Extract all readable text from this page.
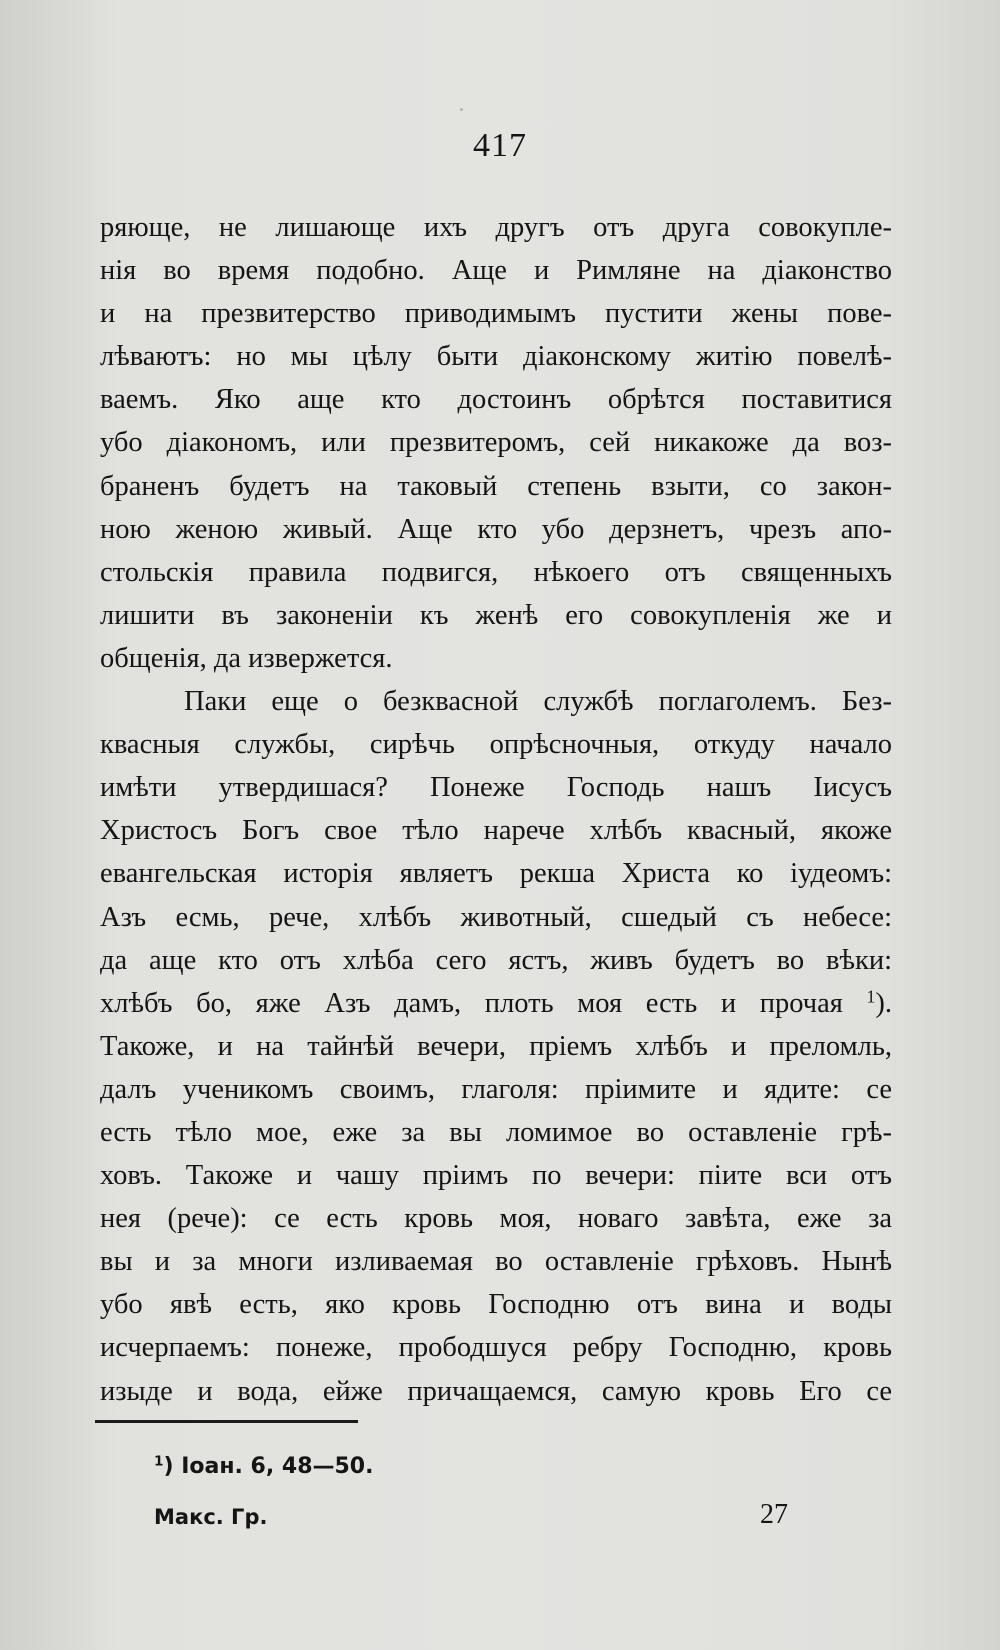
417
ряюще, не лишающе ихъ другъ отъ друга совокупле-
нія во время подобно. Аще и Римляне на діаконство
и на презвитерство приводимымъ пустити жены пове-
лѣваютъ: но мы цѣлу быти діаконскому житію повелѣ-
ваемъ. Яко аще кто достоинъ обрѣтся поставитися
убо діакономъ, или презвитеромъ, сей никакоже да воз-
браненъ будетъ на таковый степень взыти, со закон-
ною женою живый. Аще кто убо дерзнетъ, чрезъ апо-
стольскія правила подвигся, нѣкоего отъ священныхъ
лишити въ законеніи къ женѣ его совокупленія же и
общенія, да извержется.
Паки еще о безквасной службѣ поглаголемъ. Без-
квасныя службы, сирѣчь опрѣсночныя, откуду начало
имѣти утвердишася? Понеже Господь нашъ Іисусъ
Христосъ Богъ свое тѣло нарече хлѣбъ квасный, якоже
евангельская исторія являетъ рекша Христа ко іудеомъ:
Азъ есмь, рече, хлѣбъ животный, сшедый съ небесе:
да аще кто отъ хлѣба сего ястъ, живъ будетъ во вѣки:
хлѣбъ бо, яже Азъ дамъ, плоть моя есть и прочая $^1$).
Такоже, и на тайнѣй вечери, пріемъ хлѣбъ и преломль,
далъ ученикомъ своимъ, глаголя: пріимите и ядите: се
есть тѣло мое, еже за вы ломимое во оставленіе грѣ-
ховъ. Такоже и чашу пріимъ по вечери: піите вси отъ
нея (рече): се есть кровь моя, новаго завѣта, еже за
вы и за многи изливаемая во оставленіе грѣховъ. Нынѣ
убо явѣ есть, яко кровь Господню отъ вина и воды
исчерпаемъ: понеже, прободшуся ребру Господню, кровь
изыде и вода, ейже причащаемся, самую кровь Его се
$^1$) Іоан. 6, 48—50.
Макс. Гр.	27
